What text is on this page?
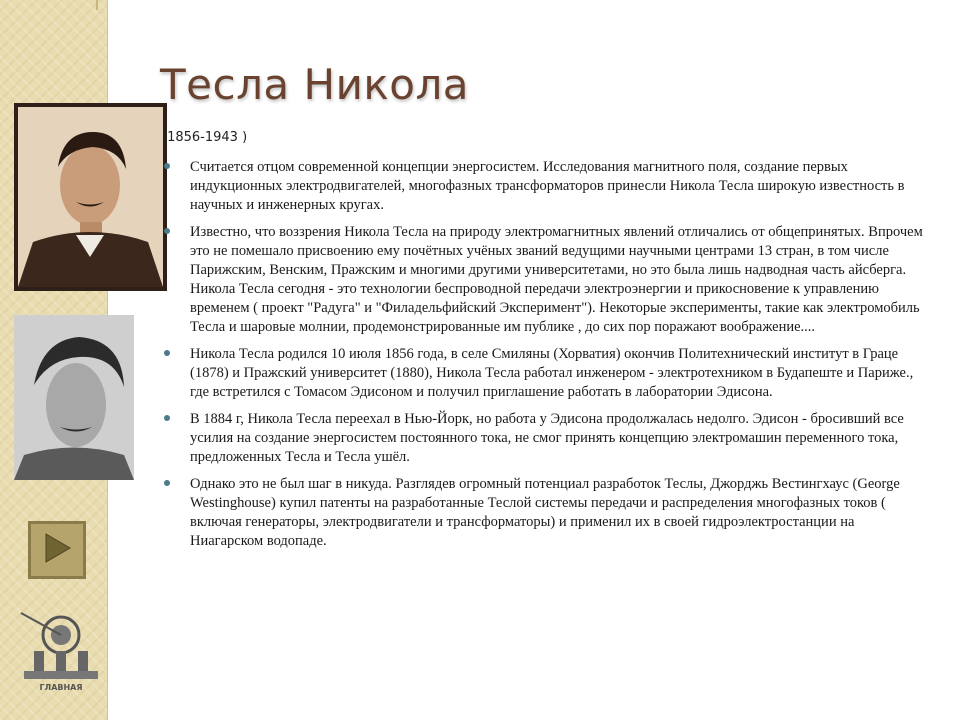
ГЛАВНАЯ
Тесла Никола
(1856-1943 )

Считается отцом современной концепции энергосистем. Исследования магнитного поля, создание первых индукционных электродвигателей, многофазных трансформаторов принесли Никола Тесла широкую известность в научных и инженерных кругах.

Известно, что воззрения Никола Тесла на природу электромагнитных явлений отличались от общепринятых. Впрочем это не помешало присвоению ему почётных учёных званий ведущими научными центрами 13 стран, в том числе Парижским, Венским, Пражским и многими другими университетами, но это была лишь надводная часть айсберга. Никола Тесла сегодня - это технологии беспроводной передачи электроэнергии и прикосновение к управлению временем ( проект "Радуга" и "Филадельфийский Эксперимент"). Некоторые эксперименты, такие как электромобиль Тесла и шаровые молнии, продемонстрированные им публике , до сих пор поражают воображение....

Никола Тесла родился 10 июля 1856 года, в селе Смиляны (Хорватия) окончив Политехнический институт в Граце (1878) и Пражский университет (1880), Никола Тесла работал инженером - электротехником в Будапеште и Париже., где встретился с Томасом Эдисоном и получил приглашение работать в лаборатории Эдисона.

В 1884 г, Никола Тесла переехал в Нью-Йорк, но работа у Эдисона продолжалась недолго. Эдисон - бросивший все усилия на создание энергосистем постоянного тока, не смог принять концепцию электромашин переменного тока, предложенных Тесла и Тесла ушёл.

Однако это не был шаг в никуда. Разглядев огромный потенциал разработок Теслы, Джорджь Вестингхаус (George Westinghouse) купил патенты на разработанные Теслой системы передачи и распределения многофазных токов ( включая генераторы, электродвигатели и трансформаторы) и применил их в своей гидроэлектростанции на Ниагарском водопаде.
